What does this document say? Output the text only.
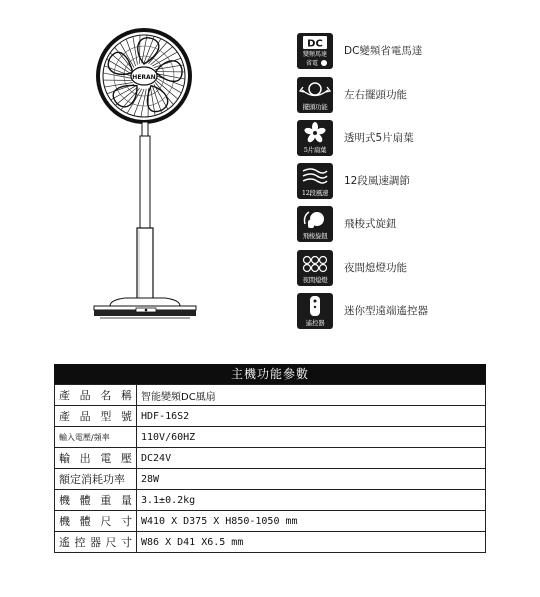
HERAN
DC
變頻馬達
省電
DC變頻省電馬達
擺頭功能
左右擺頭功能
5片扇葉
透明式5片扇葉
12段風速
12段風速調節
飛梭旋鈕
飛梭式旋鈕
夜間熄燈
夜間熄燈功能
遙控器
迷你型遠端遙控器
主機功能參數
產品名稱	智能變頻DC風扇
產品型號	HDF-16S2
輸入電壓/頻率	110V/60HZ
輸出電壓	DC24V
額定消耗功率	28W
機體重量	3.1±0.2kg
機體尺寸	W410 X D375 X H850-1050 mm
遙控器尺寸	W86 X D41 X6.5 mm
